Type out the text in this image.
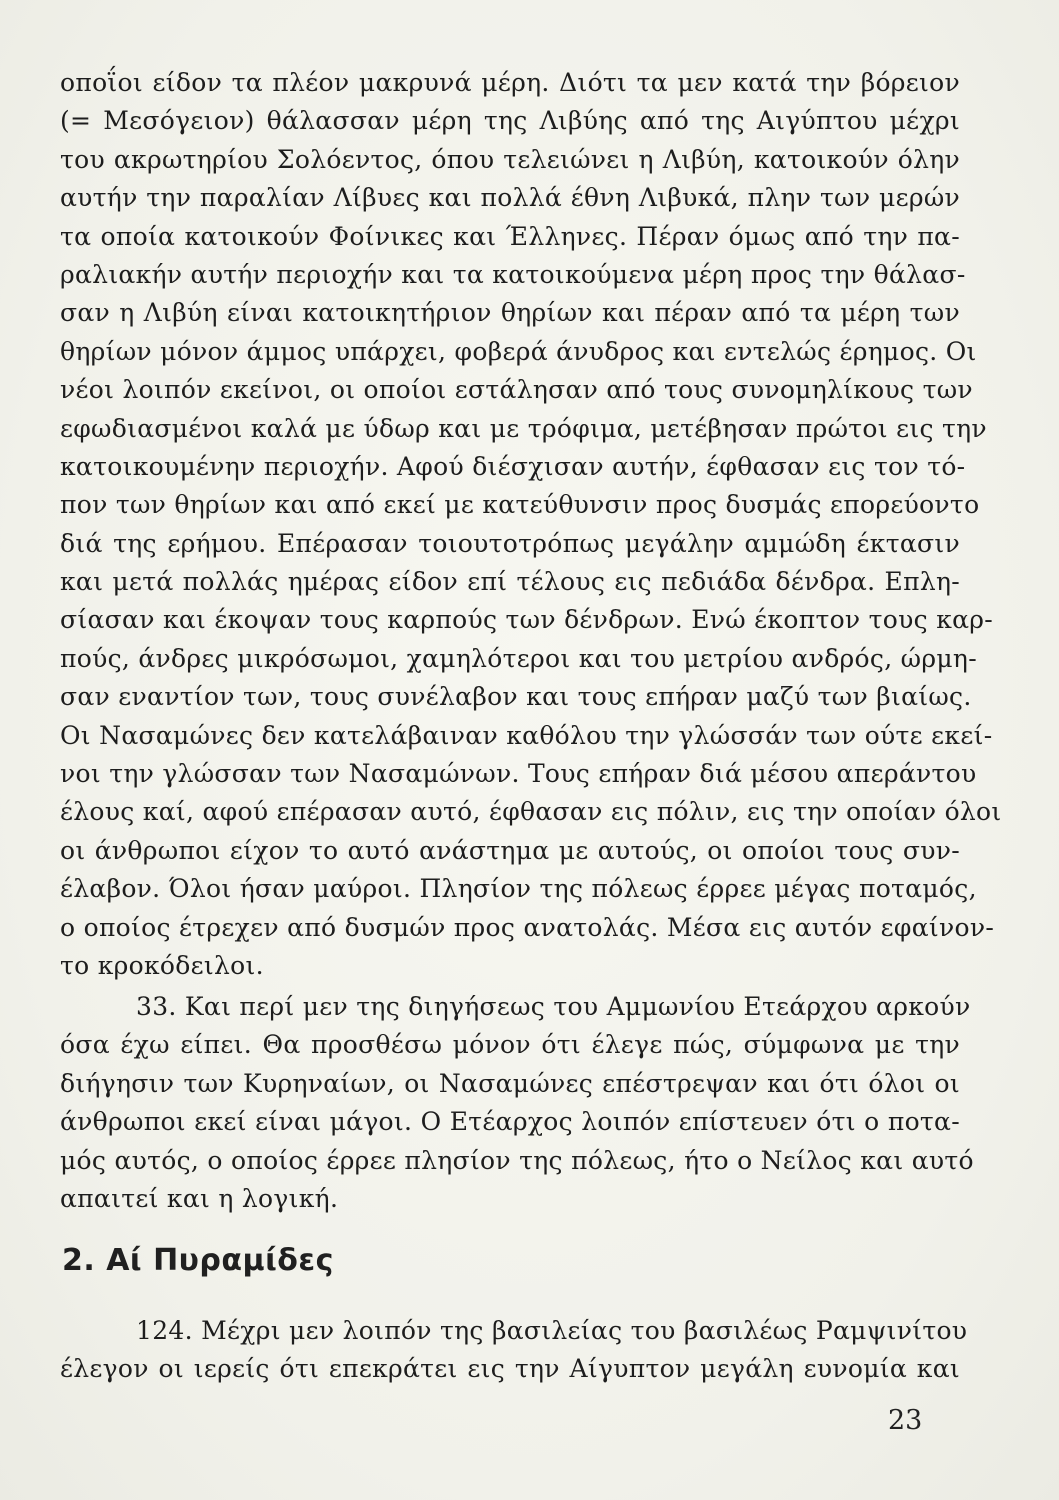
οποΐοι είδον τα πλέον μακρυνά μέρη. Διότι τα μεν κατά την βόρειον
(= Μεσόγειον) θάλασσαν μέρη της Λιβύης από της Αιγύπτου μέχρι
του ακρωτηρίου Σολόεντος, όπου τελειώνει η Λιβύη, κατοικούν όλην
αυτήν την παραλίαν Λίβυες και πολλά έθνη Λιβυκά, πλην των μερών
τα οποία κατοικούν Φοίνικες και Έλληνες. Πέραν όμως από την πα-
ραλιακήν αυτήν περιοχήν και τα κατοικούμενα μέρη προς την θάλασ-
σαν η Λιβύη είναι κατοικητήριον θηρίων και πέραν από τα μέρη των
θηρίων μόνον άμμος υπάρχει, φοβερά άνυδρος και εντελώς έρημος. Οι
νέοι λοιπόν εκείνοι, οι οποίοι εστάλησαν από τους συνομηλίκους των
εφωδιασμένοι καλά με ύδωρ και με τρόφιμα, μετέβησαν πρώτοι εις την
κατοικουμένην περιοχήν. Αφού διέσχισαν αυτήν, έφθασαν εις τον τό-
πον των θηρίων και από εκεί με κατεύθυνσιν προς δυσμάς επορεύοντο
διά της ερήμου. Επέρασαν τοιουτοτρόπως μεγάλην αμμώδη έκτασιν
και μετά πολλάς ημέρας είδον επί τέλους εις πεδιάδα δένδρα. Επλη-
σίασαν και έκοψαν τους καρπούς των δένδρων. Ενώ έκοπτον τους καρ-
πούς, άνδρες μικρόσωμοι, χαμηλότεροι και του μετρίου ανδρός, ώρμη-
σαν εναντίον των, τους συνέλαβον και τους επήραν μαζύ των βιαίως.
Οι Νασαμώνες δεν κατελάβαιναν καθόλου την γλώσσάν των ούτε εκεί-
νοι την γλώσσαν των Νασαμώνων. Τους επήραν διά μέσου απεράντου
έλους καί, αφού επέρασαν αυτό, έφθασαν εις πόλιν, εις την οποίαν όλοι
οι άνθρωποι είχον το αυτό ανάστημα με αυτούς, οι οποίοι τους συν-
έλαβον. Όλοι ήσαν μαύροι. Πλησίον της πόλεως έρρεε μέγας ποταμός,
ο οποίος έτρεχεν από δυσμών προς ανατολάς. Μέσα εις αυτόν εφαίνον-
το κροκόδειλοι.
33. Και περί μεν της διηγήσεως του Αμμωνίου Ετεάρχου αρκούν
όσα έχω είπει. Θα προσθέσω μόνον ότι έλεγε πώς, σύμφωνα με την
διήγησιν των Κυρηναίων, οι Νασαμώνες επέστρεψαν και ότι όλοι οι
άνθρωποι εκεί είναι μάγοι. Ο Ετέαρχος λοιπόν επίστευεν ότι ο ποτα-
μός αυτός, ο οποίος έρρεε πλησίον της πόλεως, ήτο ο Νείλος και αυτό
απαιτεί και η λογική.
2. Αί Πυραμίδες
124. Μέχρι μεν λοιπόν της βασιλείας του βασιλέως Ραμψινίτου
έλεγον οι ιερείς ότι επεκράτει εις την Αίγυπτον μεγάλη ευνομία και
23
